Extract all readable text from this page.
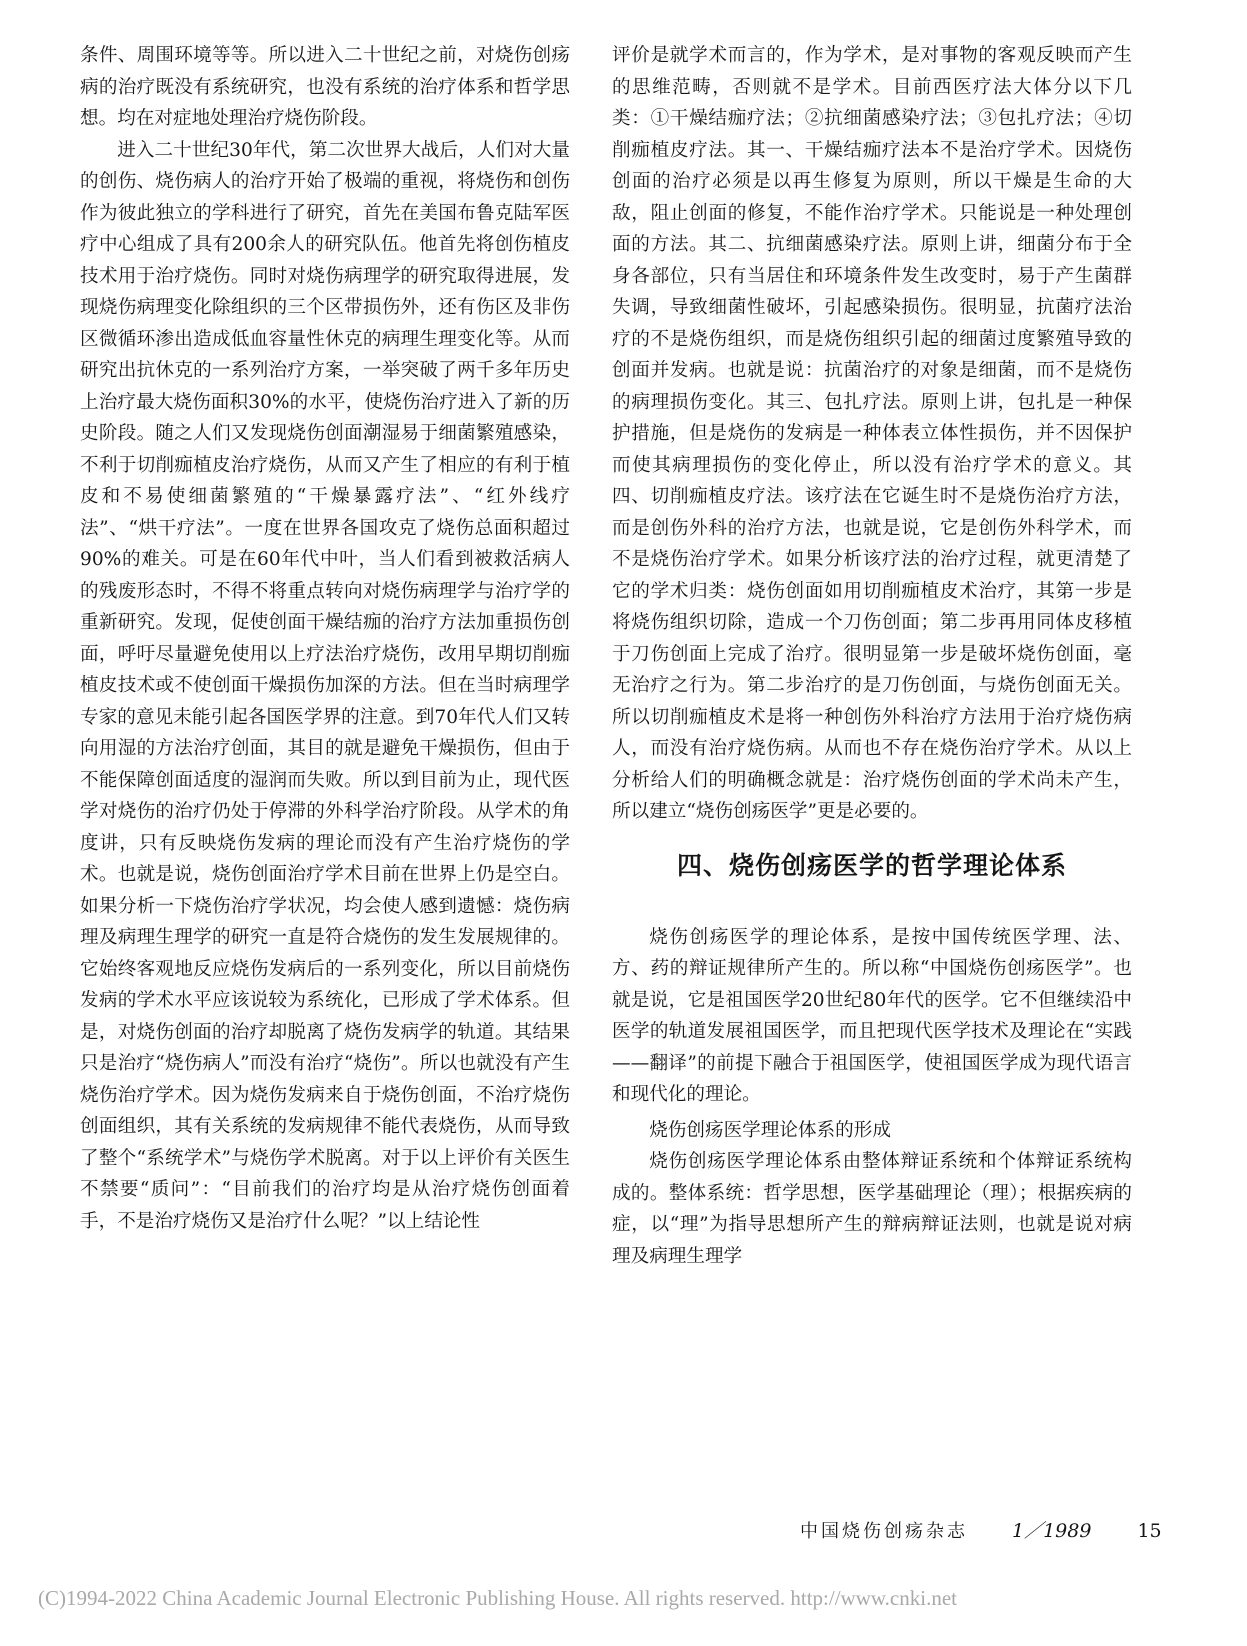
条件、周围环境等等。所以进入二十世纪之前，对烧伤创疡病的治疗既没有系统研究，也没有系统的治疗体系和哲学思想。均在对症地处理治疗烧伤阶段。

进入二十世纪30年代，第二次世界大战后，人们对大量的创伤、烧伤病人的治疗开始了极端的重视，将烧伤和创伤作为彼此独立的学科进行了研究，首先在美国布鲁克陆军医疗中心组成了具有200余人的研究队伍。他首先将创伤植皮技术用于治疗烧伤。同时对烧伤病理学的研究取得进展，发现烧伤病理变化除组织的三个区带损伤外，还有伤区及非伤区微循环渗出造成低血容量性休克的病理生理变化等。从而研究出抗休克的一系列治疗方案，一举突破了两千多年历史上治疗最大烧伤面积30%的水平，使烧伤治疗进入了新的历史阶段。随之人们又发现烧伤创面潮湿易于细菌繁殖感染，不利于切削痂植皮治疗烧伤，从而又产生了相应的有利于植皮和不易使细菌繁殖的“干燥暴露疗法”、“红外线疗法”、“烘干疗法”。一度在世界各国攻克了烧伤总面积超过90%的难关。可是在60年代中叶，当人们看到被救活病人的残废形态时，不得不将重点转向对烧伤病理学与治疗学的重新研究。发现，促使创面干燥结痂的治疗方法加重损伤创面，呼吁尽量避免使用以上疗法治疗烧伤，改用早期切削痂植皮技术或不使创面干燥损伤加深的方法。但在当时病理学专家的意见未能引起各国医学界的注意。到70年代人们又转向用湿的方法治疗创面，其目的就是避免干燥损伤，但由于不能保障创面适度的湿润而失败。所以到目前为止，现代医学对烧伤的治疗仍处于停滞的外科学治疗阶段。从学术的角度讲，只有反映烧伤发病的理论而没有产生治疗烧伤的学术。也就是说，烧伤创面治疗学术目前在世界上仍是空白。如果分析一下烧伤治疗学状况，均会使人感到遗憾：烧伤病理及病理生理学的研究一直是符合烧伤的发生发展规律的。它始终客观地反应烧伤发病后的一系列变化，所以目前烧伤发病的学术水平应该说较为系统化，已形成了学术体系。但是，对烧伤创面的治疗却脱离了烧伤发病学的轨道。其结果只是治疗“烧伤病人”而没有治疗“烧伤”。所以也就没有产生烧伤治疗学术。因为烧伤发病来自于烧伤创面，不治疗烧伤创面组织，其有关系统的发病规律不能代表烧伤，从而导致了整个“系统学术”与烧伤学术脱离。对于以上评价有关医生不禁要“质问”：“目前我们的治疗均是从治疗烧伤创面着手，不是治疗烧伤又是治疗什么呢？”以上结论性

评价是就学术而言的，作为学术，是对事物的客观反映而产生的思维范畴，否则就不是学术。目前西医疗法大体分以下几类：①干燥结痂疗法；②抗细菌感染疗法；③包扎疗法；④切削痂植皮疗法。其一、干燥结痂疗法本不是治疗学术。因烧伤创面的治疗必须是以再生修复为原则，所以干燥是生命的大敌，阻止创面的修复，不能作治疗学术。只能说是一种处理创面的方法。其二、抗细菌感染疗法。原则上讲，细菌分布于全身各部位，只有当居住和环境条件发生改变时，易于产生菌群失调，导致细菌性破坏，引起感染损伤。很明显，抗菌疗法治疗的不是烧伤组织，而是烧伤组织引起的细菌过度繁殖导致的创面并发病。也就是说：抗菌治疗的对象是细菌，而不是烧伤的病理损伤变化。其三、包扎疗法。原则上讲，包扎是一种保护措施，但是烧伤的发病是一种体表立体性损伤，并不因保护而使其病理损伤的变化停止，所以没有治疗学术的意义。其四、切削痂植皮疗法。该疗法在它诞生时不是烧伤治疗方法，而是创伤外科的治疗方法，也就是说，它是创伤外科学术，而不是烧伤治疗学术。如果分析该疗法的治疗过程，就更清楚了它的学术归类：烧伤创面如用切削痂植皮术治疗，其第一步是将烧伤组织切除，造成一个刀伤创面；第二步再用同体皮移植于刀伤创面上完成了治疗。很明显第一步是破坏烧伤创面，毫无治疗之行为。第二步治疗的是刀伤创面，与烧伤创面无关。所以切削痂植皮术是将一种创伤外科治疗方法用于治疗烧伤病人，而没有治疗烧伤病。从而也不存在烧伤治疗学术。从以上分析给人们的明确概念就是：治疗烧伤创面的学术尚未产生，所以建立“烧伤创疡医学”更是必要的。

四、烧伤创疡医学的哲学理论体系

烧伤创疡医学的理论体系，是按中国传统医学理、法、方、药的辩证规律所产生的。所以称“中国烧伤创疡医学”。也就是说，它是祖国医学20世纪80年代的医学。它不但继续沿中医学的轨道发展祖国医学，而且把现代医学技术及理论在“实践——翻译”的前提下融合于祖国医学，使祖国医学成为现代语言和现代化的理论。

烧伤创疡医学理论体系的形成

烧伤创疡医学理论体系由整体辩证系统和个体辩证系统构成的。整体系统：哲学思想，医学基础理论（理）；根据疾病的症，以“理”为指导思想所产生的辩病辩证法则，也就是说对病理及病理生理学

中国烧伤创疡杂志 1／1989 15
(C)1994-2022 China Academic Journal Electronic Publishing House. All rights reserved. http://www.cnki.net
